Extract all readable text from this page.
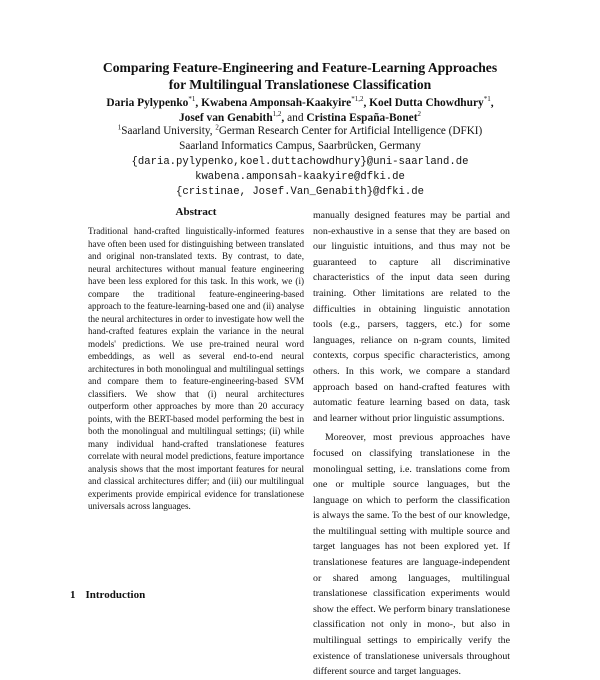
Comparing Feature-Engineering and Feature-Learning Approaches
for Multilingual Translationese Classification
Daria Pylypenko$^{*1}$, Kwabena Amponsah-Kaakyire$^{*1,2}$, Koel Dutta Chowdhury$^{*1}$,
Josef van Genabith$^{1,2}$, and Cristina España-Bonet$^2$
$^1$Saarland University, $^2$German Research Center for Artificial Intelligence (DFKI)
Saarland Informatics Campus, Saarbrücken, Germany
{daria.pylypenko,koel.duttachowdhury}@uni-saarland.de
kwabena.amponsah-kaakyire@dfki.de
{cristinae, Josef.Van_Genabith}@dfki.de
Abstract
Traditional hand-crafted linguistically-informed features have often been used for distinguishing between translated and original non-translated texts. By contrast, to date, neural architectures without manual feature engineering have been less explored for this task. In this work, we (i) compare the traditional feature-engineering-based approach to the feature-learning-based one and (ii) analyse the neural architectures in order to investigate how well the hand-crafted features explain the variance in the neural models' predictions. We use pre-trained neural word embeddings, as well as several end-to-end neural architectures in both monolingual and multilingual settings and compare them to feature-engineering-based SVM classifiers. We show that (i) neural architectures outperform other approaches by more than 20 accuracy points, with the BERT-based model performing the best in both the monolingual and multilingual settings; (ii) while many individual hand-crafted translationese features correlate with neural model predictions, feature importance analysis shows that the most important features for neural and classical architectures differ; and (iii) our multilingual experiments provide empirical evidence for translationese universals across languages.

manually designed features may be partial and non-exhaustive in a sense that they are based on our linguistic intuitions, and thus may not be guaranteed to capture all discriminative characteristics of the input data seen during training. Other limitations are related to the difficulties in obtaining linguistic annotation tools (e.g., parsers, taggers, etc.) for some languages, reliance on n-gram counts, limited contexts, corpus specific characteristics, among others. In this work, we compare a standard approach based on hand-crafted features with automatic feature learning based on data, task and learner without prior linguistic assumptions.

Moreover, most previous approaches have focused on classifying translationese in the monolingual setting, i.e. translations come from one or multiple source languages, but the language on which to perform the classification is always the same. To the best of our knowledge, the multilingual setting with multiple source and target languages has not been explored yet. If translationese features are language-independent or shared among languages, multilingual translationese classification experiments would show the effect. We perform binary translationese classification not only in mono-, but also in multilingual settings to empirically verify the existence of translationese universals throughout different source and target languages.

1 Introduction
